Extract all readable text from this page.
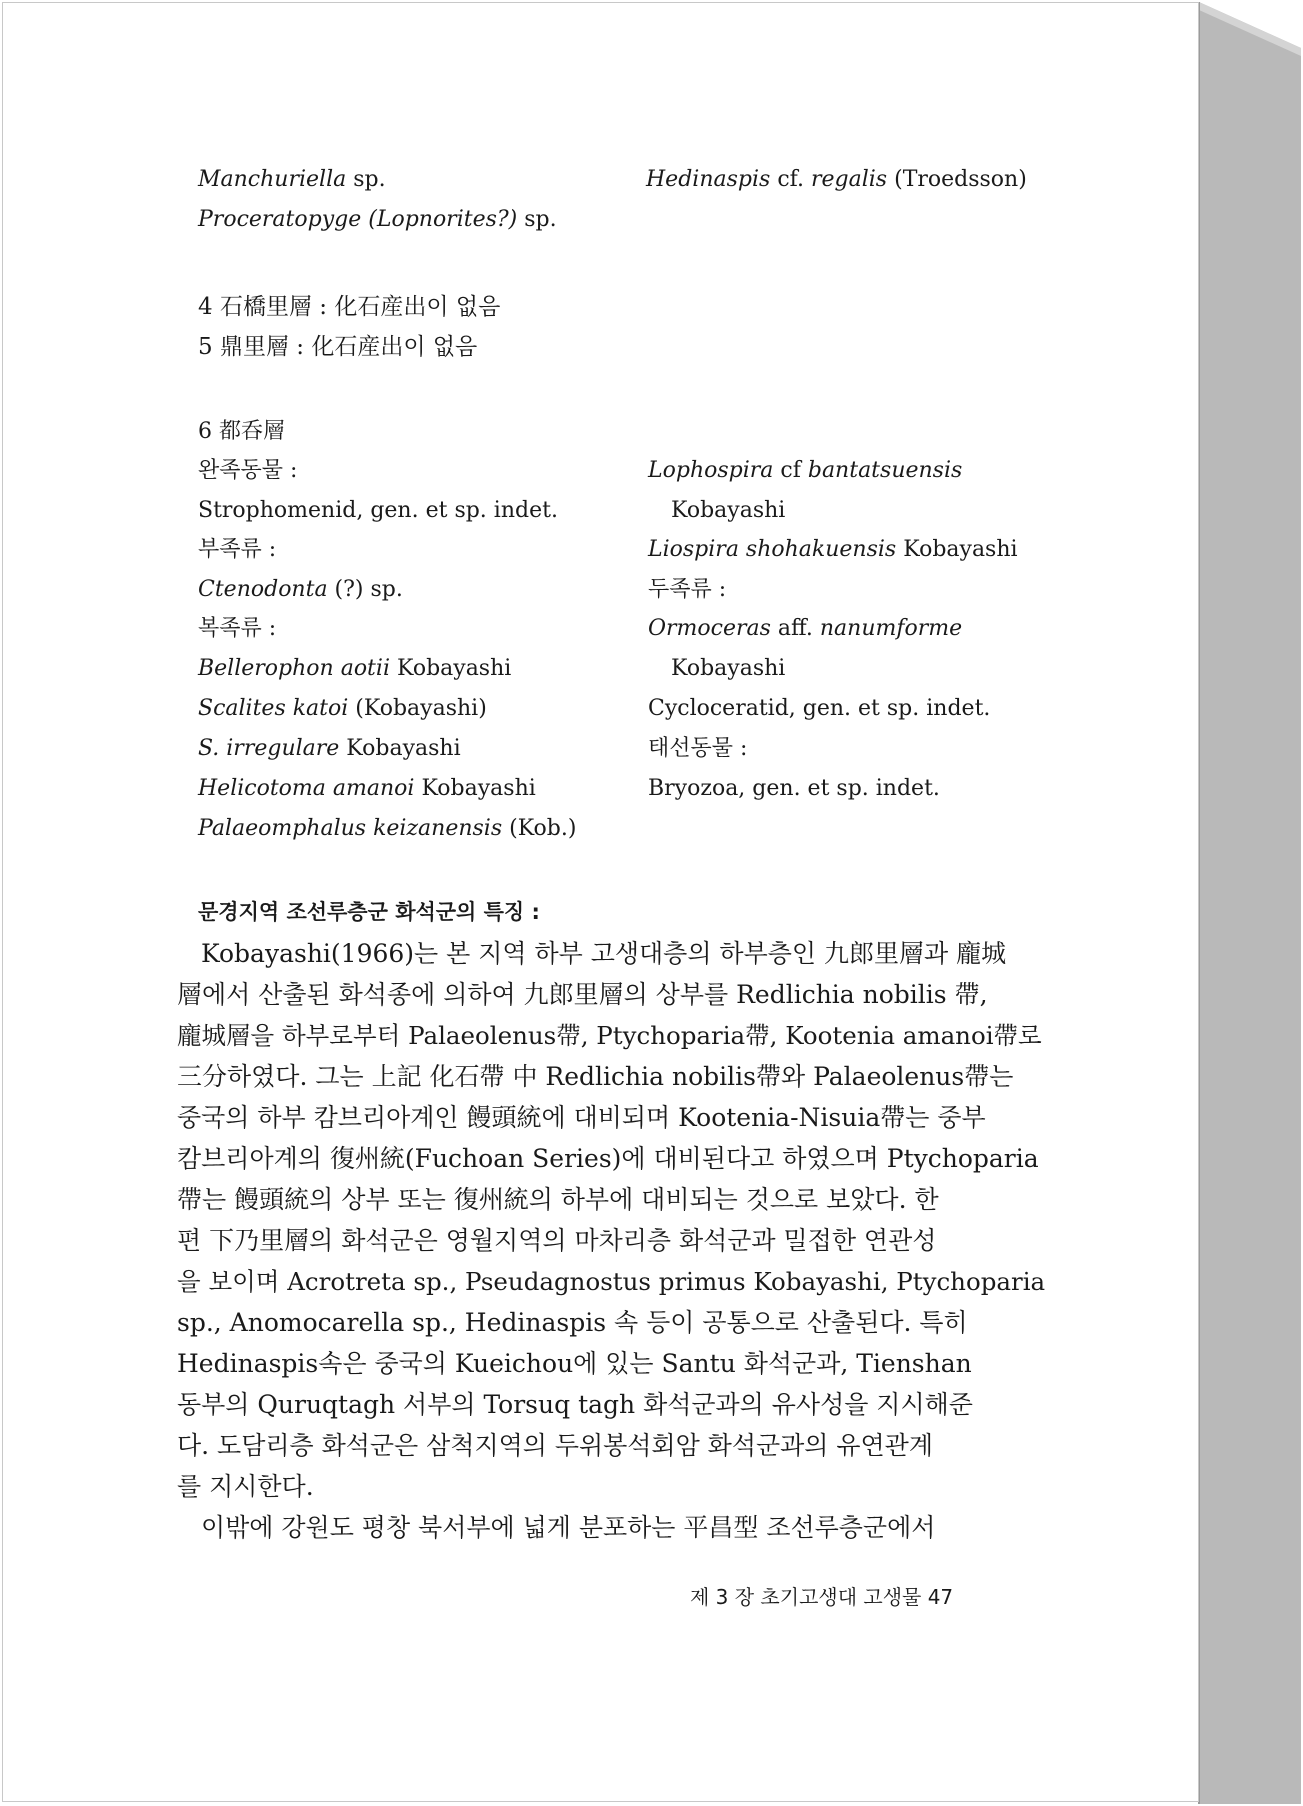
Manchuriella sp.
Proceratopyge (Lopnorites?) sp.
Hedinaspis cf. regalis (Troedsson)
4 石橋里層 : 化石産出이 없음
5 鼎里層 : 化石産出이 없음
6 都呑層
완족동물 :
Strophomenid, gen. et sp. indet.
부족류 :
Ctenodonta (?) sp.
복족류 :
Bellerophon aotii Kobayashi
Scalites katoi (Kobayashi)
S. irregulare Kobayashi
Helicotoma amanoi Kobayashi
Palaeomphalus keizanensis (Kob.)
Lophospira cf bantatsuensis
Kobayashi
Liospira shohakuensis Kobayashi
두족류 :
Ormoceras aff. nanumforme
Kobayashi
Cycloceratid, gen. et sp. indet.
태선동물 :
Bryozoa, gen. et sp. indet.
문경지역 조선루층군 화석군의 특징 :
Kobayashi(1966)는 본 지역 하부 고생대층의 하부층인 九郎里層과 龐城
層에서 산출된 화석종에 의하여 九郎里層의 상부를 Redlichia nobilis 帶,
龐城層을 하부로부터 Palaeolenus帶, Ptychoparia帶, Kootenia amanoi帶로
三分하였다. 그는 上記 化石帶 中 Redlichia nobilis帶와 Palaeolenus帶는
중국의 하부 캄브리아계인 饅頭統에 대비되며 Kootenia-Nisuia帶는 중부
캄브리아계의 復州統(Fuchoan Series)에 대비된다고 하였으며 Ptychoparia
帶는 饅頭統의 상부 또는 復州統의 하부에 대비되는 것으로 보았다. 한
편 下乃里層의 화석군은 영월지역의 마차리층 화석군과 밀접한 연관성
을 보이며 Acrotreta sp., Pseudagnostus primus Kobayashi, Ptychoparia
sp., Anomocarella sp., Hedinaspis 속 등이 공통으로 산출된다. 특히
Hedinaspis속은 중국의 Kueichou에 있는 Santu 화석군과, Tienshan
동부의 Quruqtagh 서부의 Torsuq tagh 화석군과의 유사성을 지시해준
다. 도담리층 화석군은 삼척지역의 두위봉석회암 화석군과의 유연관계
를 지시한다.
이밖에 강원도 평창 북서부에 넓게 분포하는 平昌型 조선루층군에서
제 3 장 초기고생대 고생물 47
